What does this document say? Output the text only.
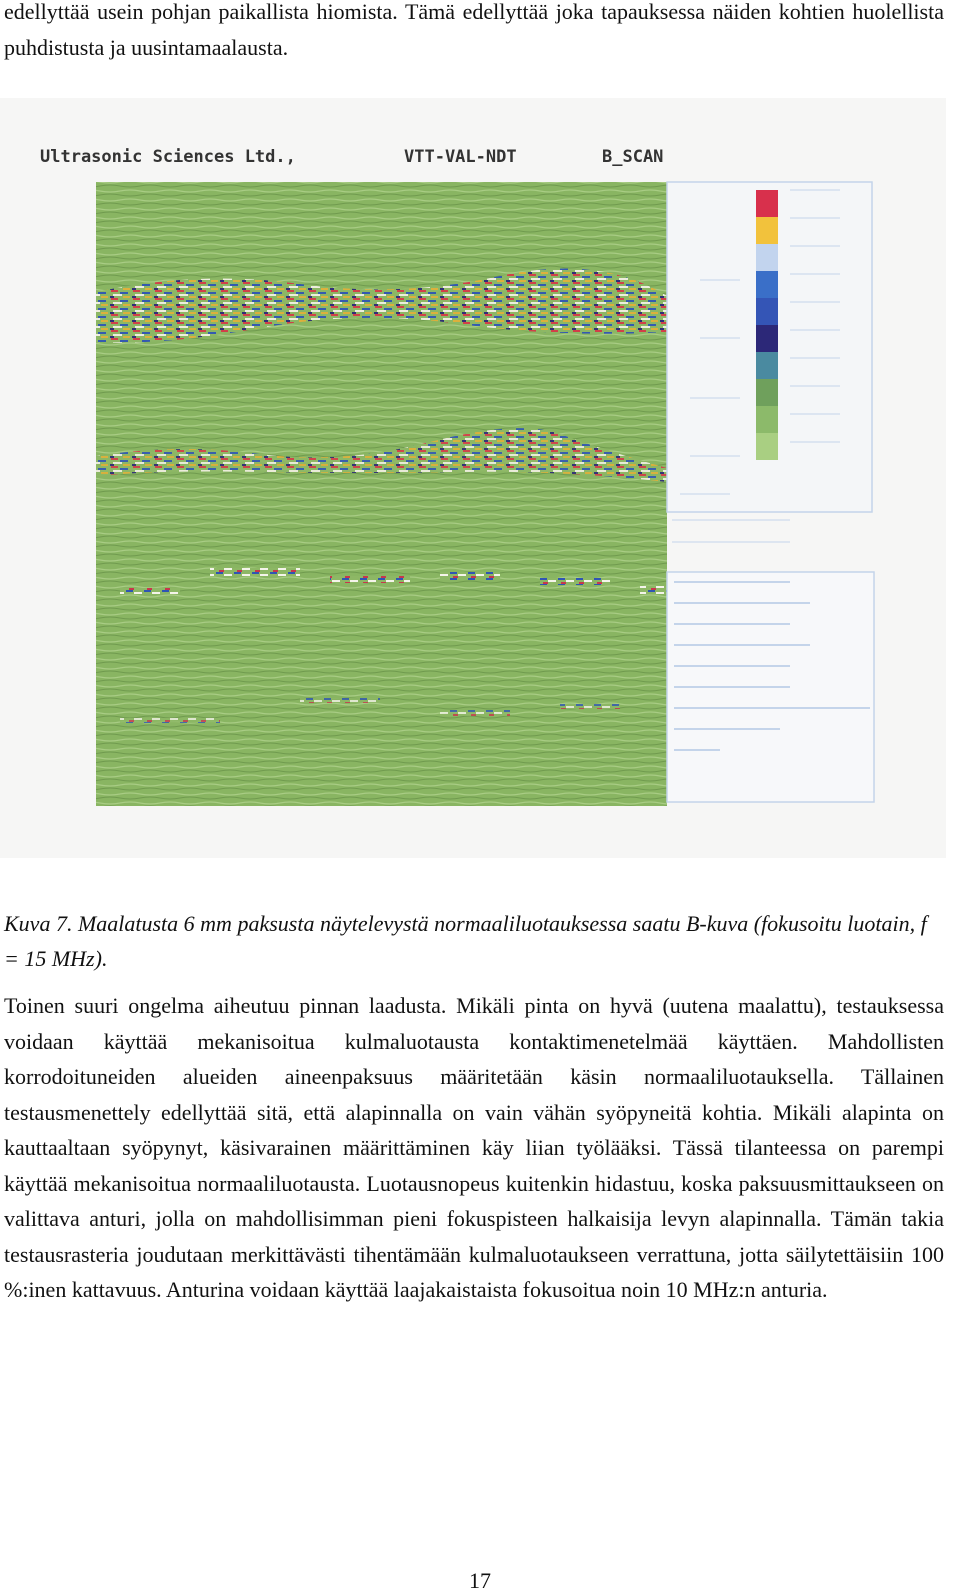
edellyttää usein pohjan paikallista hiomista. Tämä edellyttää joka tapauksessa näiden kohtien huolellista puhdistusta ja uusintamaalausta.

Ultrasonic Sciences Ltd.,	VTT-VAL-NDT	B_SCAN

Kuva 7. Maalatusta 6 mm paksusta näytelevystä normaaliluotauksessa saatu B-kuva (fokusoitu luotain, f = 15 MHz).

Toinen suuri ongelma aiheutuu pinnan laadusta. Mikäli pinta on hyvä (uutena maalattu), testauksessa voidaan käyttää mekanisoitua kulmaluotausta kontaktimenetelmää käyttäen. Mahdollisten korrodoituneiden alueiden aineenpaksuus määritetään käsin normaaliluotauksella. Tällainen testausmenettely edellyttää sitä, että alapinnalla on vain vähän syöpyneitä kohtia. Mikäli alapinta on kauttaaltaan syöpynyt, käsivarainen määrittäminen käy liian työlääksi. Tässä tilanteessa on parempi käyttää mekanisoitua normaaliluotausta. Luotausnopeus kuitenkin hidastuu, koska paksuusmittaukseen on valittava anturi, jolla on mahdollisimman pieni fokuspisteen halkaisija levyn alapinnalla. Tämän takia testausrasteria joudutaan merkittävästi tihentämään kulmaluotaukseen verrattuna, jotta säilytettäisiin 100 %:inen kattavuus. Anturina voidaan käyttää laajakaistaista fokusoitua noin 10 MHz:n anturia.

17
